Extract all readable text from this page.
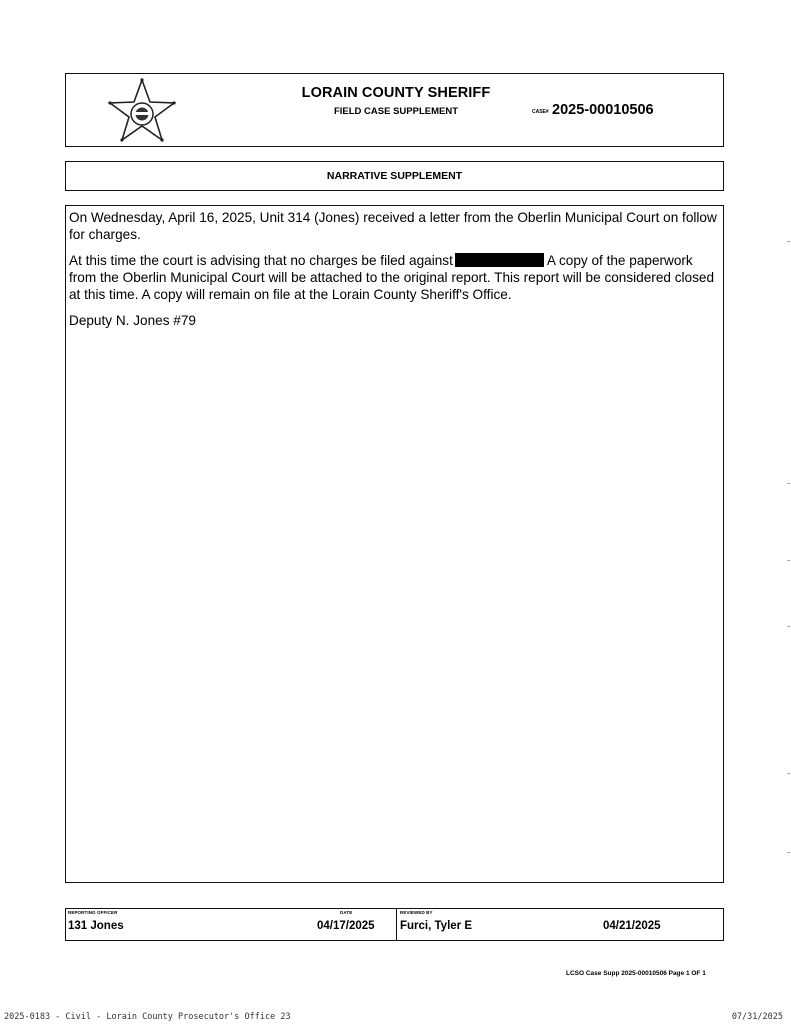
LORAIN COUNTY SHERIFF
FIELD CASE SUPPLEMENT	CASE# 2025-00010506
NARRATIVE SUPPLEMENT

On Wednesday, April 16, 2025, Unit 314 (Jones) received a letter from the Oberlin Municipal Court on follow for charges.

At this time the court is advising that no charges be filed against	A copy of the paperwork from the Oberlin Municipal Court will be attached to the original report. This report will be considered closed at this time. A copy will remain on file at the Lorain County Sheriff's Office.

Deputy N. Jones #79

REPORTING OFFICER
131 Jones
DATE
04/17/2025
REVIEWED BY
Furci, Tyler E	04/21/2025
LCSO Case Supp 2025-00010506 Page 1 OF 1
2025-0183 - Civil - Lorain County Prosecutor's Office 23	07/31/2025
